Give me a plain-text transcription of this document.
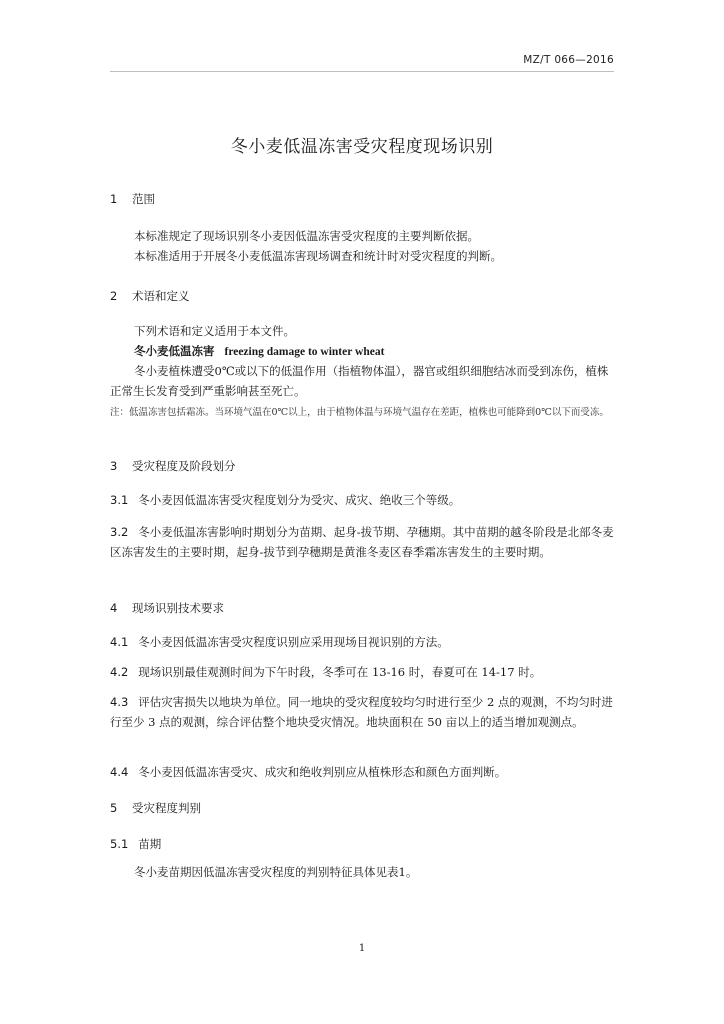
MZ/T 066—2016
冬小麦低温冻害受灾程度现场识别
1 范围
本标准规定了现场识别冬小麦因低温冻害受灾程度的主要判断依据。
本标准适用于开展冬小麦低温冻害现场调查和统计时对受灾程度的判断。
2 术语和定义
下列术语和定义适用于本文件。
冬小麦低温冻害 freezing damage to winter wheat
冬小麦植株遭受0℃或以下的低温作用（指植物体温），器官或组织细胞结冰而受到冻伤，植株正常生长发育受到严重影响甚至死亡。
注：低温冻害包括霜冻。当环境气温在0℃以上，由于植物体温与环境气温存在差距，植株也可能降到0℃以下而受冻。
3 受灾程度及阶段划分
3.1 冬小麦因低温冻害受灾程度划分为受灾、成灾、绝收三个等级。
3.2 冬小麦低温冻害影响时期划分为苗期、起身-拔节期、孕穗期。其中苗期的越冬阶段是北部冬麦区冻害发生的主要时期，起身-拔节到孕穗期是黄淮冬麦区春季霜冻害发生的主要时期。
4 现场识别技术要求
4.1 冬小麦因低温冻害受灾程度识别应采用现场目视识别的方法。
4.2 现场识别最佳观测时间为下午时段，冬季可在 13-16 时，春夏可在 14-17 时。
4.3 评估灾害损失以地块为单位。同一地块的受灾程度较均匀时进行至少 2 点的观测，不均匀时进行至少 3 点的观测，综合评估整个地块受灾情况。地块面积在 50 亩以上的适当增加观测点。
4.4 冬小麦因低温冻害受灾、成灾和绝收判别应从植株形态和颜色方面判断。
5 受灾程度判别
5.1 苗期
冬小麦苗期因低温冻害受灾程度的判别特征具体见表1。
1
